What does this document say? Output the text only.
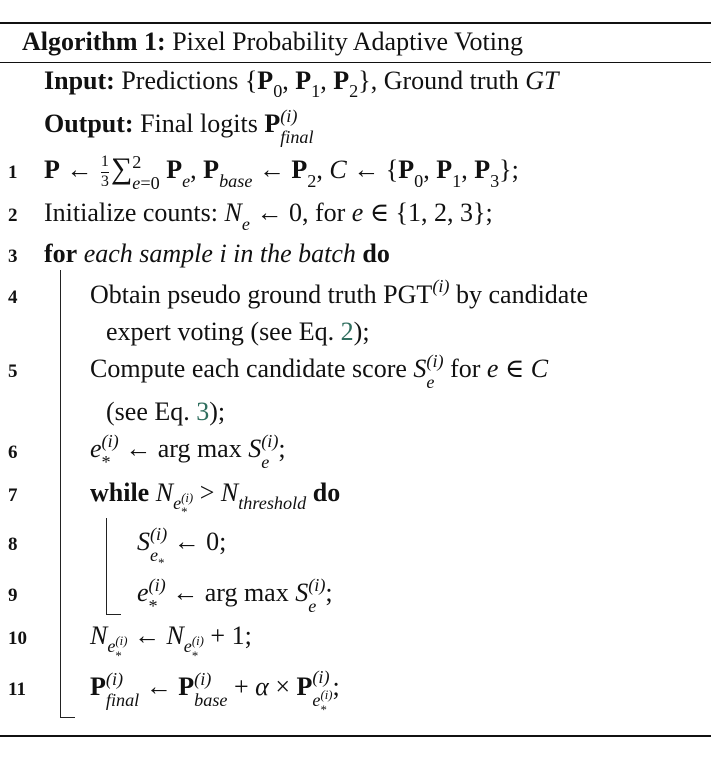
Algorithm 1: Pixel Probability Adaptive Voting
Input: Predictions {P 0 , P 1 , P 2 }, Ground truth GT
Output: Final logits P (i)
final
1	P ← $\frac{1}{3}$ ∑ 2
e=0 P e , P base ← P 2 , C ← {P 0 , P 1 , P 3 };
2	Initialize counts: N e ← 0, for e ∈ {1, 2, 3};
3	for each sample i in the batch do
4	Obtain pseudo ground truth PGT (i) by candidate
expert voting (see Eq. 2);
5	Compute each candidate score S (i)
e for e ∈ C
(see Eq. 3);
6	e (i)
* ← arg max S (i)
e ;
7	while N e (i)
*
> N threshold do
8	S (i)
e *
← 0;
9	e (i)
* ← arg max S (i)
e ;
10	N e (i)
*
← N e (i)
*
+ 1;
11	P (i)
final ← P (i)
base + α × P (i)
e (i)
*
;
